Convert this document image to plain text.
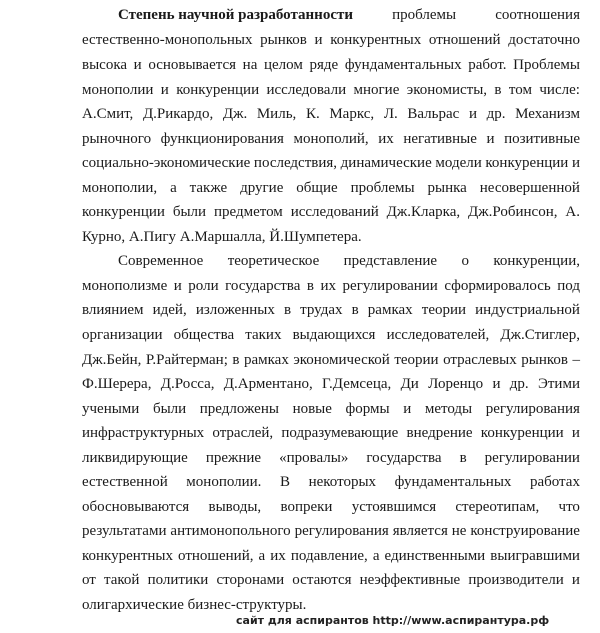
Степень научной разработанности	проблемы	соотношения
естественно-монопольных рынков и конкурентных отношений достаточно
высока и основывается на целом ряде фундаментальных работ. Проблемы
монополии и конкуренции исследовали многие экономисты, в том числе:
А.Смит, Д.Рикардо, Дж. Миль, К. Маркс, Л. Вальрас и др. Механизм
рыночного функционирования монополий, их негативные и позитивные
социально-экономические последствия, динамические модели конкуренции и
монополии, а также другие общие проблемы рынка несовершенной
конкуренции были предметом исследований Дж.Кларка, Дж.Робинсон, А.
Курно, А.Пигу А.Маршалла, Й.Шумпетера.
Современное теоретическое представление о конкуренции,
монополизме и роли государства в их регулировании сформировалось под
влиянием идей, изложенных в трудах в рамках теории индустриальной
организации общества таких выдающихся исследователей, Дж.Стиглер,
Дж.Бейн, Р.Райтерман; в рамках экономической теории отраслевых рынков –
Ф.Шерера, Д.Росса, Д.Арментано, Г.Демсеца, Ди Лоренцо и др. Этими
учеными были предложены новые формы и методы регулирования
инфраструктурных отраслей, подразумевающие внедрение конкуренции и
ликвидирующие прежние «провалы» государства в регулировании
естественной монополии. В некоторых фундаментальных работах
обосновываются выводы, вопреки устоявшимся стереотипам, что
результатами антимонопольного регулирования является не конструирование
конкурентных отношений, а их подавление, а единственными выигравшими
от такой политики сторонами остаются неэффективные производители и
олигархические бизнес-структуры.
сайт для аспирантов http://www.аспирантура.рф
